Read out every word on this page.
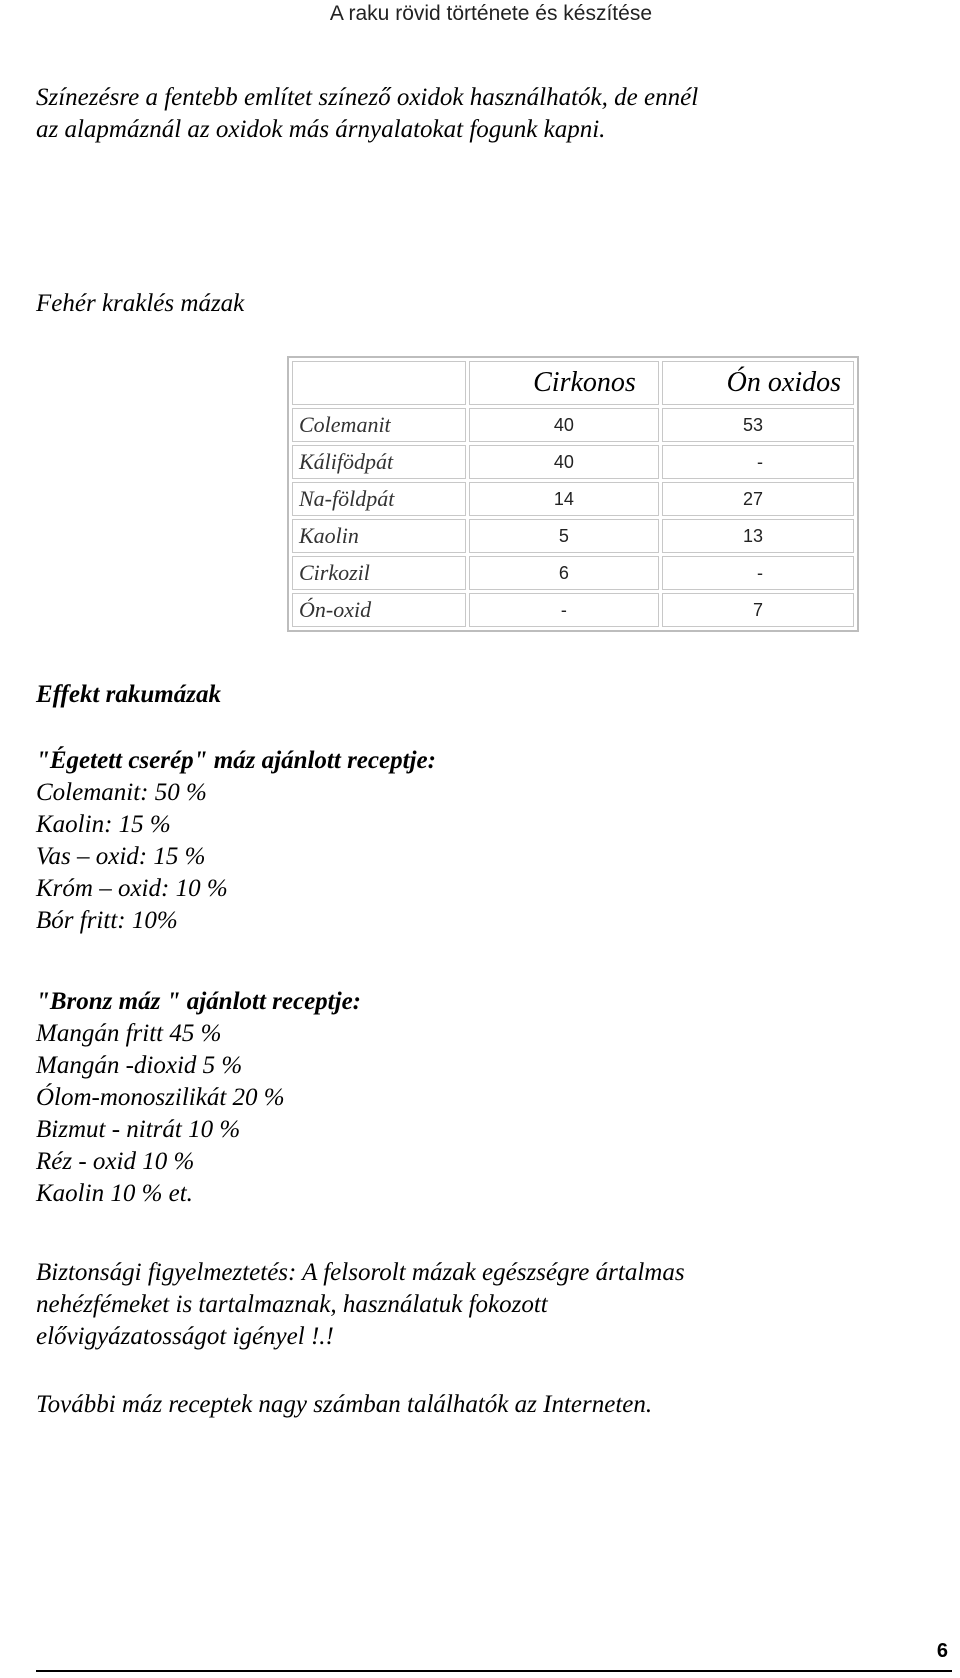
A raku rövid története és készítése

Színezésre a fentebb említet színező oxidok használhatók, de ennél
az alapmáznál az oxidok más árnyalatokat fogunk kapni.

Fehér kraklés mázak

	Cirkonos	Ón oxidos
Colemanit	40	53
Kálifödpát	40	-
Na-földpát	14	27
Kaolin	5	13
Cirkozil	6	-
Ón-oxid	-	7

Effekt rakumázak

"Égetett cserép" máz ajánlott receptje:
Colemanit: 50 %
Kaolin: 15 %
Vas – oxid: 15 %
Króm – oxid: 10 %
Bór fritt: 10%

"Bronz máz " ajánlott receptje:
Mangán fritt 45 %
Mangán -dioxid 5 %
Ólom-monoszilikát 20 %
Bizmut - nitrát 10 %
Réz - oxid 10 %
Kaolin 10 % et.

Biztonsági figyelmeztetés: A felsorolt mázak egészségre ártalmas
nehézfémeket is tartalmaznak, használatuk fokozott
elővigyázatosságot igényel !.!

További máz receptek nagy számban találhatók az Interneten.

6
